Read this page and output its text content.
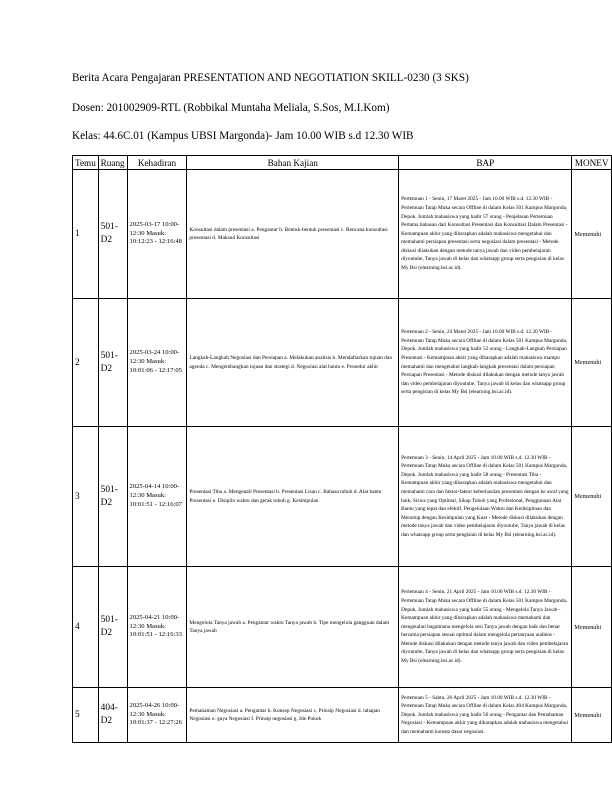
Berita Acara Pengajaran PRESENTATION AND NEGOTIATION SKILL-0230 (3 SKS)
Dosen: 201002909-RTL (Robbikal Muntaha Meliala, S.Sos, M.I.Kom)
Kelas: 44.6C.01 (Kampus UBSI Margonda)- Jam 10.00 WIB s.d 12.30 WIB
Temu	Ruang	Kehadiran	Bahan Kajian	BAP	MONEV
1	501-D2	2025-03-17 10:00-12:30 Masuk: 10:12:23 - 12:16:48	Konsultasi dalam presentasi a. Pengantar b. Bentuk-bentuk presentasi c. Rencana konsultasi presentasi d. Maksud Konsultasi	Pertemuan 1 - Senin, 17 Maret 2025 - Jam 10.00 WIB s.d. 12.30 WIB - Pertemuan Tatap Muka secara Offline di dalam Kelas 501 Kampus Margonda, Depok. Jumlah mahasiswa yang hadir 57 orang - Penjelasan Pertemuan Pertama bahasan dari Konsultasi Presentasi dan Konsultasi Dalam Presentasi - Kemampuan akhir yang diharapkan adalah mahasiswa mengetahui dan memahami persiapan presentasi serta negosiasi dalam presentasi - Metode diskusi dilakukan dengan metode tanya jawab dan video pembelajaran diyoutube, Tanya jawab di kelas dan whatsapp group serta pengisian di kelas My Bsi (elearning.bsi.ac.id).	Memenuhi
2	501-D2	2025-03-24 10:00-12:30 Masuk: 10:01:06 - 12:17:05	Langkah-Langkah Negosiasi dan Persiapan a. Melakukan analisis b. Mendaftarkan tujuan dan agenda c. Mengembangkan tujuan dan strategi d. Negosiasi alat bantu e. Prosedur akhir	Pertemuan 2 - Senin, 24 Maret 2025 - Jam 10.00 WIB s.d. 12.30 WIB - Pertemuan Tatap Muka secara Offline di dalam Kelas 501 Kampus Margonda, Depok. Jumlah mahasiswa yang hadir 52 orang - Langkah-Langkah Persiapan Presentasi - Kemampuan akhir yang diharapkan adalah mahasiswa mampu memahami dan mengetahui langkah-langkah presentasi dalam persiapan Persiapan Presentasi - Metode diskusi dilakukan dengan metode tanya jawab dan video pembelajaran diyoutube, Tanya jawab di kelas dan whatsapp group serta pengisian di kelas My Bsi (elearning.bsi.ac.id).	Memenuhi
3	501-D2	2025-04-14 10:00-12:30 Masuk: 10:01:51 - 12:16:07	Presentasi Tiba a. Mengenali Presentasi b. Presentasi Lisan c. Bahasa tubuh d. Alat bantu Presentasi e. Disiplin waktu dan gerak tubuh g. Kesimpulan	Pertemuan 3 - Senin, 14 April 2025 - Jam 10.00 WIB s.d. 12.30 WIB - Pertemuan Tatap Muka secara Offline di dalam Kelas 501 Kampus Margonda, Depok. Jumlah mahasiswa yang hadir 58 orang - Presentasi Tiba - Kemampuan akhir yang diharapkan adalah mahasiswa mengetahui dan memahami cara dan faktor-faktor keberhasilan presentasi dengan ke awal yang baik, Siswa yang Optimal, Sikap Tubuh yang Profesional, Penggunaan Alat Bantu yang tepat dan efektif, Pengelolaan Waktu dan Kedisiplinan dan Menutup dengan Kesimpulan yang Kuat - Metode diskusi dilakukan dengan metode tanya jawab dan video pembelajaran diyoutube, Tanya jawab di kelas dan whatsapp group serta pengisian di kelas My Bsi (elearning.bsi.ac.id).	Memenuhi
4	501-D2	2025-04-21 10:00-12:30 Masuk: 10:01:51 - 12:16:33	Mengelola Tanya jawab a. Pengantar waktu Tanya jawab b. Tipe mengelola gangguan dalam Tanya jawab	Pertemuan 4 - Senin, 21 April 2025 - Jam 10.00 WIB s.d. 12.30 WIB - Pertemuan Tatap Muka secara Offline di dalam Kelas 501 Kampus Margonda, Depok. Jumlah mahasiswa yang hadir 55 orang - Mengelola Tanya Jawab - Kemampuan akhir yang diharapkan adalah mahasiswa memahami dan mengetahui bagaimana mengelola sesi Tanya jawab dengan baik dan benar bersama persiapan sesuai optimal dalam mengelola pertanyaan audiens - Metode diskusi dilakukan dengan metode tanya jawab dan video pembelajaran diyoutube, Tanya jawab di kelas dan whatsapp group serta pengisian di kelas My Bsi (elearning.bsi.ac.id).	Memenuhi
5	404-D2	2025-04-26 10:00-12:30 Masuk: 10:01:37 - 12:27:26	Pemahaman Negosiasi a. Pengantar b. Konsep Negosiasi c. Prinsip Negosiasi d. tahapan Negosiasi e. gaya Negosiasi f. Prinsip negosiasi g. Ide Pokok	Pertemuan 5 - Sabtu, 26 April 2025 - Jam 10.00 WIB s.d. 12.30 WIB - Pertemuan Tatap Muka secara Offline di dalam Kelas 404 Kampus Margonda, Depok. Jumlah mahasiswa yang hadir 56 orang - Pengantar dan Pemahaman Negosiasi - Kemampuan akhir yang diharapkan adalah mahasiswa mengetahui dan memahami konsep dasar negosiasi.	Memenuhi
